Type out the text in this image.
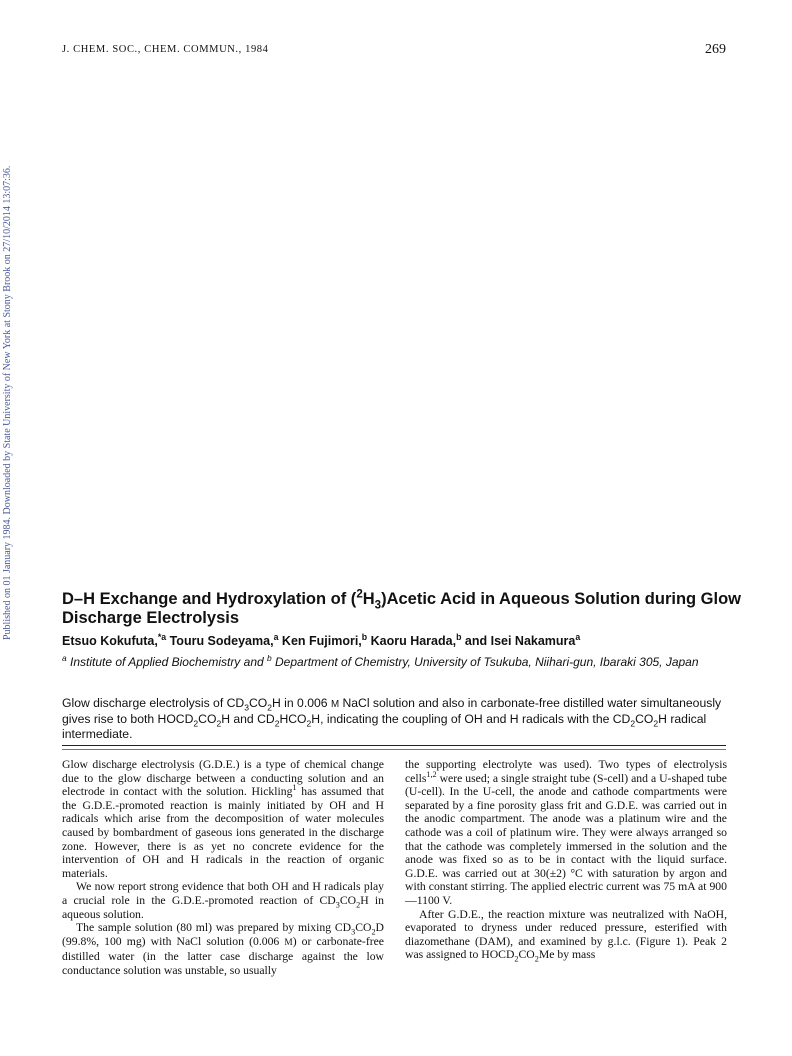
J. CHEM. SOC., CHEM. COMMUN., 1984	269
Published on 01 January 1984. Downloaded by State University of New York at Stony Brook on 27/10/2014 13:07:36.	D–H Exchange and Hydroxylation of $(^2H_3)Acetic$ Acid in Aqueous Solution during Glow Discharge Electrolysis
Etsuo Kokufuta,$^{*a}$ Touru Sodeyama,$^a$ Ken Fujimori,$^b$ Kaoru Harada,$^b$ and Isei Nakamura$^a$
$^a$ Institute of Applied Biochemistry and $^b$ Department of Chemistry, University of Tsukuba, Niihari-gun, Ibaraki 305, Japan
Glow discharge electrolysis of $CD_3CO_2H$ in 0.006 M NaCl solution and also in carbonate-free distilled water simultaneously gives rise to both $HOCD_2CO_2H$ and $CD_2HCO_2H$, indicating the coupling of OH and H radicals with the $CD_2CO_2H$ radical intermediate.

Glow discharge electrolysis (G.D.E.) is a type of chemical change due to the glow discharge between a conducting solution and an electrode in contact with the solution. Hickling$^1$ has assumed that the G.D.E.-promoted reaction is mainly initiated by OH and H radicals which arise from the decomposition of water molecules caused by bombardment of gaseous ions generated in the discharge zone. However, there is as yet no concrete evidence for the intervention of OH and H radicals in the reaction of organic materials.

We now report strong evidence that both OH and H radicals play a crucial role in the G.D.E.-promoted reaction of $CD_3CO_2H$ in aqueous solution.

The sample solution (80 ml) was prepared by mixing $CD_3CO_2D$ (99.8%, 100 mg) with NaCl solution (0.006 M) or carbonate-free distilled water (in the latter case discharge against the low conductance solution was unstable, so usually

the supporting electrolyte was used). Two types of electrolysis cells$^{1,2}$ were used; a single straight tube (S-cell) and a U-shaped tube (U-cell). In the U-cell, the anode and cathode compartments were separated by a fine porosity glass frit and G.D.E. was carried out in the anodic compartment. The anode was a platinum wire and the cathode was a coil of platinum wire. They were always arranged so that the cathode was completely immersed in the solution and the anode was fixed so as to be in contact with the liquid surface. G.D.E. was carried out at 30(±2) °C with saturation by argon and with constant stirring. The applied electric current was 75 mA at 900—1100 V.

After G.D.E., the reaction mixture was neutralized with NaOH, evaporated to dryness under reduced pressure, esterified with diazomethane (DAM), and examined by g.l.c. (Figure 1). Peak 2 was assigned to $HOCD_2CO_2Me$ by mass
